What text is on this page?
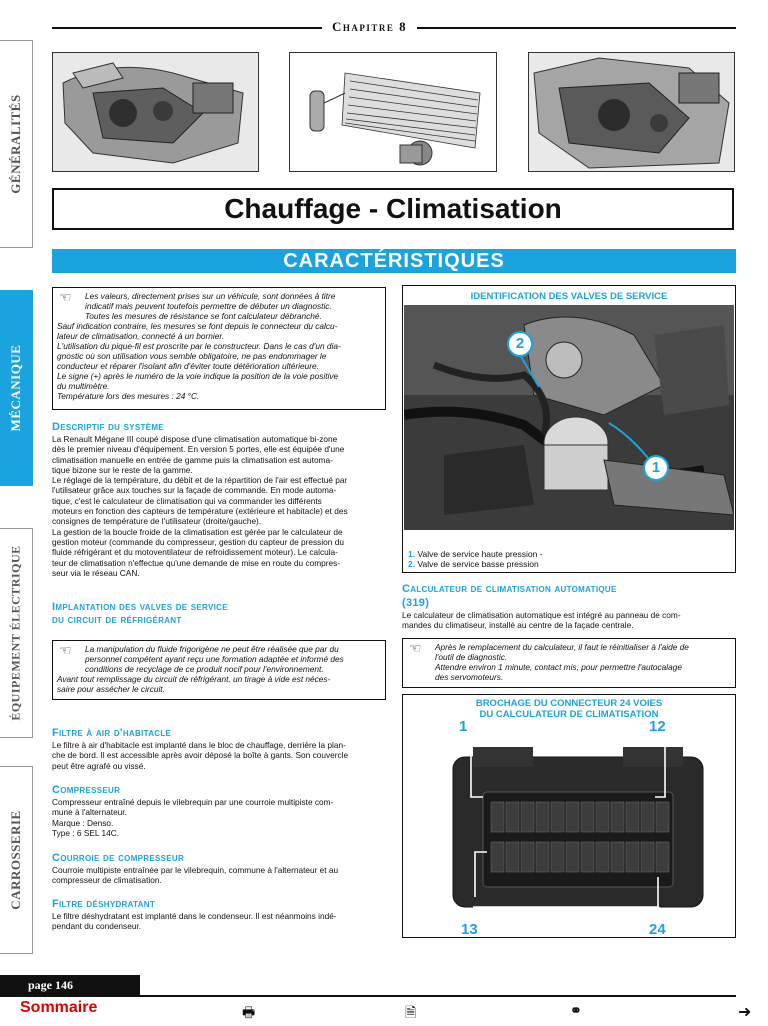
Chapitre 8
GÉNÉRALITÉS
MÉCANIQUE
ÉQUIPEMENT ÉLECTRIQUE
CARROSSERIE
Chauffage - Climatisation
CARACTÉRISTIQUES
☜	Les valeurs, directement prises sur un véhicule, sont données à titre

indicatif mais peuvent toutefois permettre de débuter un diagnostic.

Toutes les mesures de résistance se font calculateur débranché.

Sauf indication contraire, les mesures se font depuis le connecteur du calcu-

lateur de climatisation, connecté à un bornier.

L'utilisation du pique-fil est proscrite par le constructeur. Dans le cas d'un dia-

gnostic où son utilisation vous semble obligatoire, ne pas endommager le

conducteur et réparer l'isolant afin d'éviter toute détérioration ultérieure.

Le signe (+) après le numéro de la voie indique la position de la voie positive

du multimètre.

Température lors des mesures : 24 °C.

Descriptif du système

La Renault Mégane III coupé dispose d'une climatisation automatique bi-zone

dès le premier niveau d'équipement. En version 5 portes, elle est équipée d'une

climatisation manuelle en entrée de gamme puis la climatisation est automa-

tique bizone sur le reste de la gamme.

Le réglage de la température, du débit et de la répartition de l'air est effectué par

l'utilisateur grâce aux touches sur la façade de commande. En mode automa-

tique, c'est le calculateur de climatisation qui va commander les différents

moteurs en fonction des capteurs de température (extérieure et habitacle) et des

consignes de température de l'utilisateur (droite/gauche).

La gestion de la boucle froide de la climatisation est gérée par le calculateur de

gestion moteur (commande du compresseur, gestion du capteur de pression du

fluide réfrigérant et du motoventilateur de refroidissement moteur). Le calcula-

teur de climatisation n'effectue qu'une demande de mise en route du compres-

seur via le réseau CAN.

Implantation des valves de service
du circuit de réfrigérant
☜	La manipulation du fluide frigorigène ne peut être réalisée que par du

personnel compétent ayant reçu une formation adaptée et informé des

conditions de recyclage de ce produit nocif pour l'environnement.

Avant tout remplissage du circuit de réfrigérant, un tirage à vide est néces-

saire pour assécher le circuit.

Filtre à air d'habitacle

Le filtre à air d'habitacle est implanté dans le bloc de chauffage, derrière la plan-

che de bord. Il est accessible après avoir déposé la boîte à gants. Son couvercle

peut être agrafé ou vissé.

Compresseur

Compresseur entraîné depuis le vilebrequin par une courroie multipiste com-

mune à l'alternateur.

Marque : Denso.

Type : 6 SEL 14C.

Courroie de compresseur

Courroie multipiste entraînée par le vilebrequin, commune à l'alternateur et au

compresseur de climatisation.

Filtre déshydratant

Le filtre déshydratant est implanté dans le condenseur. Il est néanmoins indé-

pendant du condenseur.

IDENTIFICATION DES VALVES DE SERVICE
2
1
1. Valve de service haute pression -
2. Valve de service basse pression
Calculateur de climatisation automatique
(319)

Le calculateur de climatisation automatique est intégré au panneau de com-

mandes du climatiseur, installé au centre de la façade centrale.

☜	Après le remplacement du calculateur, il faut le réinitialiser à l'aide de

l'outil de diagnostic.

Attendre environ 1 minute, contact mis, pour permettre l'autocalage

des servomoteurs.

BROCHAGE DU CONNECTEUR 24 VOIES
DU CALCULATEUR DE CLIMATISATION
1	12
13	24
page 146
Sommaire	🖶	🗎	⚭	➜
